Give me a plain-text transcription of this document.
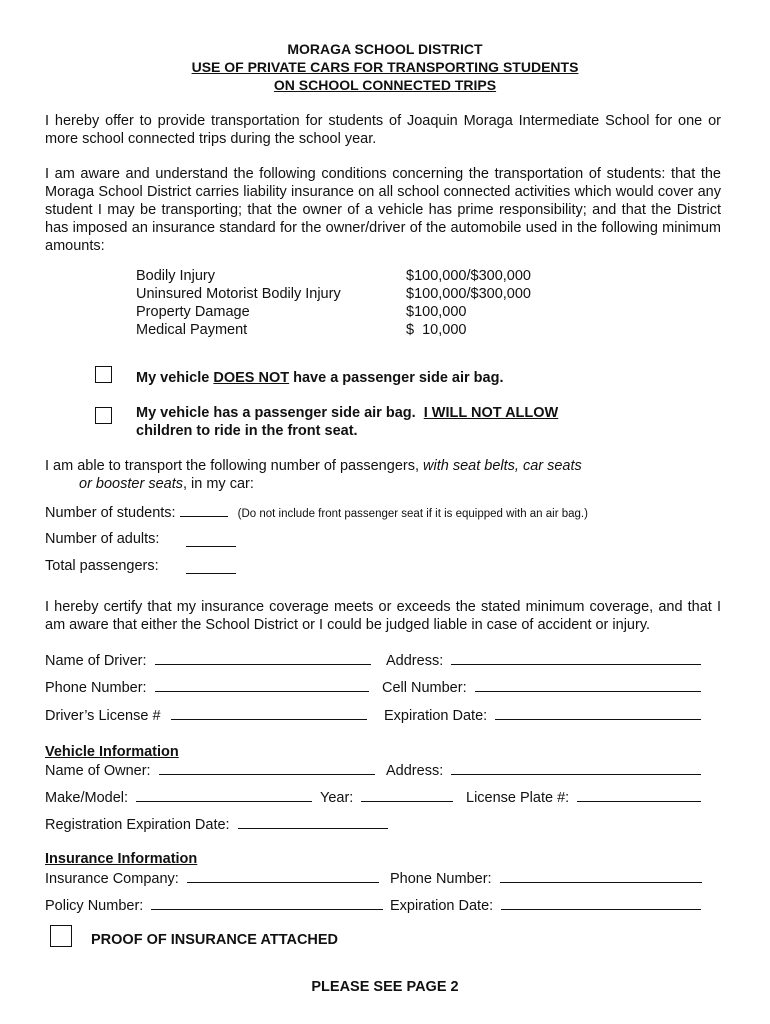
MORAGA SCHOOL DISTRICT
USE OF PRIVATE CARS FOR TRANSPORTING STUDENTS
ON SCHOOL CONNECTED TRIPS
I hereby offer to provide transportation for students of Joaquin Moraga Intermediate School for one or more school connected trips during the school year.
I am aware and understand the following conditions concerning the transportation of students: that the Moraga School District carries liability insurance on all school connected activities which would cover any student I may be transporting; that the owner of a vehicle has prime responsibility; and that the District has imposed an insurance standard for the owner/driver of the automobile used in the following minimum amounts:
Bodily Injury	$100,000/$300,000
Uninsured Motorist Bodily Injury	$100,000/$300,000
Property Damage	$100,000
Medical Payment	$  10,000
My vehicle DOES NOT have a passenger side air bag.
My vehicle has a passenger side air bag.  I WILL NOT ALLOW
children to ride in the front seat.
I am able to transport the following number of passengers, with seat belts, car seats
or booster seats, in my car:
Number of students:	(Do not include front passenger seat if it is equipped with an air bag.)
Number of adults:
Total passengers:
I hereby certify that my insurance coverage meets or exceeds the stated minimum coverage, and that I am aware that either the School District or I could be judged liable in case of accident or injury.
Name of Driver:	Address:
Phone Number:	Cell Number:
Driver’s License #	Expiration Date:
Vehicle Information
Name of Owner:	Address:
Make/Model:	Year:	License Plate #:
Registration Expiration Date:
Insurance Information
Insurance Company:	Phone Number:
Policy Number:	Expiration Date:
PROOF OF INSURANCE ATTACHED
PLEASE SEE PAGE 2
